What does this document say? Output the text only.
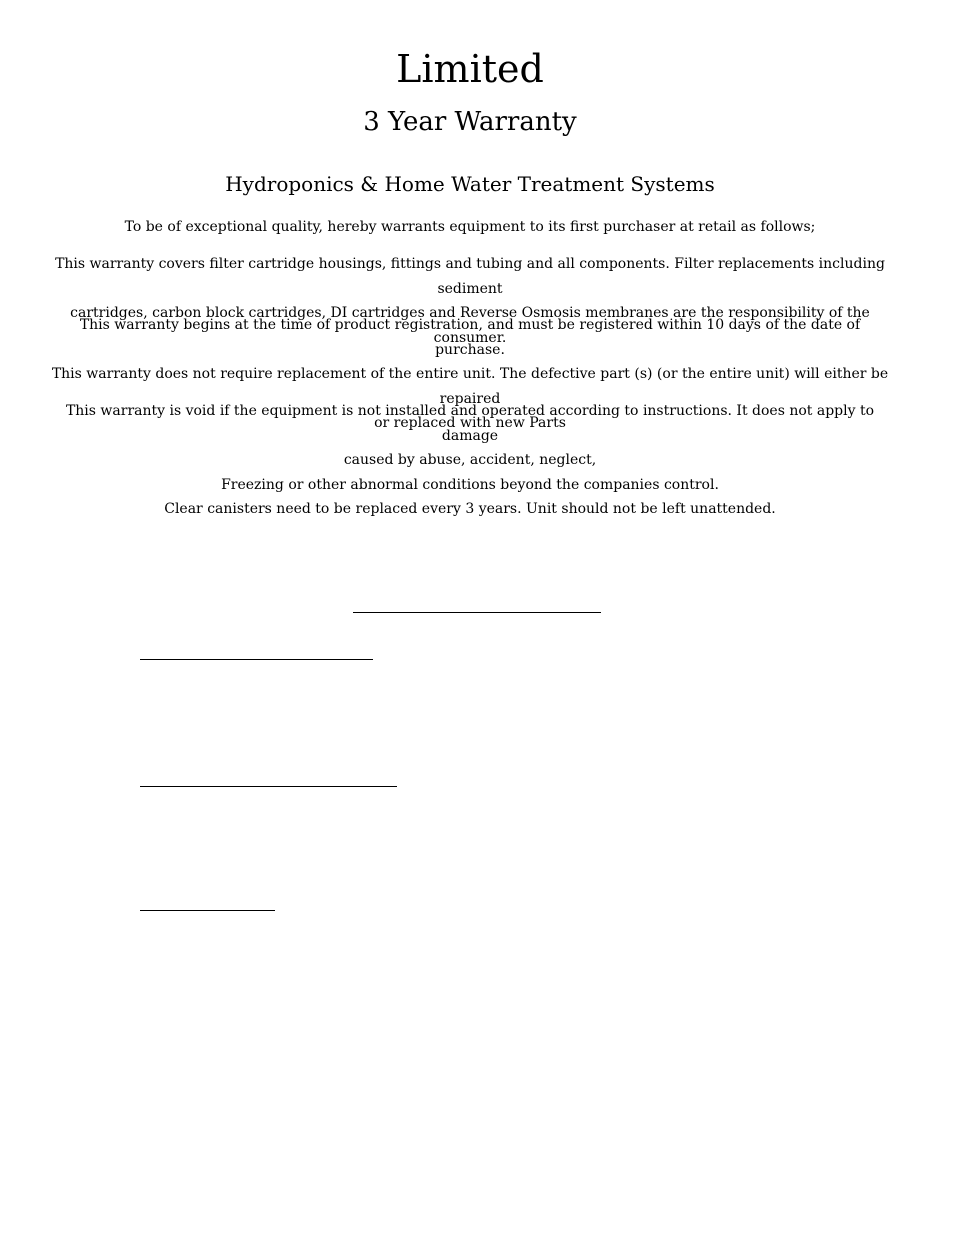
Limited
3 Year Warranty
Hydroponics & Home Water Treatment Systems

To be of exceptional quality, hereby warrants equipment to its first purchaser at retail as follows;

This warranty covers filter cartridge housings, fittings and tubing and all components. Filter replacements including sediment
cartridges, carbon block cartridges, DI cartridges and Reverse Osmosis membranes are the responsibility of the consumer.

This warranty begins at the time of product registration, and must be registered within 10 days of the date of purchase.
This warranty does not require replacement of the entire unit. The defective part (s) (or the entire unit) will either be repaired
or replaced with new Parts

This warranty is void if the equipment is not installed and operated according to instructions. It does not apply to damage
caused by abuse, accident, neglect,
Freezing or other abnormal conditions beyond the companies control.
Clear canisters need to be replaced every 3 years. Unit should not be left unattended.
